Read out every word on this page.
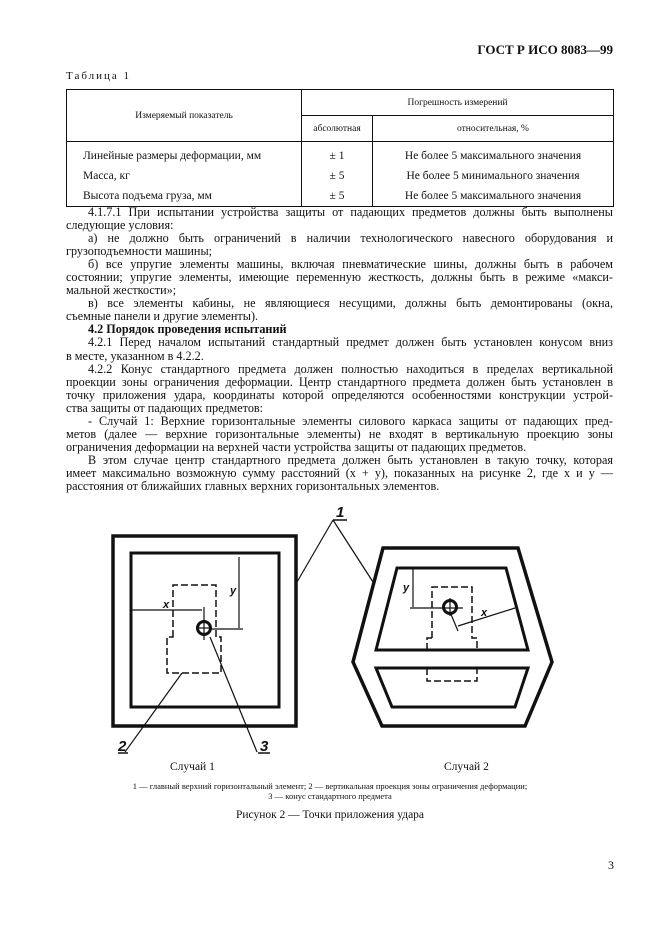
ГОСТ Р ИСО 8083—99
Таблица 1
Измеряемый показатель	Погрешность измерений	
	абсолютная	относительная, %
Линейные размеры деформации, мм	± 1	Не более 5 максимального значения
Масса, кг	± 5	Не более 5 минимального значения
Высота подъема груза, мм	± 5	Не более 5 максимального значения
4.1.7.1 При испытании устройства защиты от падающих предметов должны быть выполнены
следующие условия:
а) не должно быть ограничений в наличии технологического навесного оборудования и
грузоподъемности машины;
б) все упругие элементы машины, включая пневматические шины, должны быть в рабочем
состоянии; упругие элементы, имеющие переменную жесткость, должны быть в режиме «макси-
мальной жесткости»;
в) все элементы кабины, не являющиеся несущими, должны быть демонтированы (окна,
съемные панели и другие элементы).
4.2 Порядок проведения испытаний
4.2.1 Перед началом испытаний стандартный предмет должен быть установлен конусом вниз
в месте, указанном в 4.2.2.
4.2.2 Конус стандартного предмета должен полностью находиться в пределах вертикальной
проекции зоны ограничения деформации. Центр стандартного предмета должен быть установлен в
точку приложения удара, координаты которой определяются особенностями конструкции устрой-
ства защиты от падающих предметов:
- Случай 1: Верхние горизонтальные элементы силового каркаса защиты от падающих пред-
метов (далее — верхние горизонтальные элементы) не входят в вертикальную проекцию зоны
ограничения деформации на верхней части устройства защиты от падающих предметов.
В этом случае центр стандартного предмета должен быть установлен в такую точку, которая
имеет максимально возможную сумму расстояний (x + y), показанных на рисунке 2, где x и y —
расстояния от ближайших главных верхних горизонтальных элементов.
1
2	3
x
y
x
y
Случай 1	Случай 2
1 — главный верхний горизонтальный элемент; 2 — вертикальная проекция зоны ограничения деформации;
3 — конус стандартного предмета
Рисунок 2 — Точки приложения удара
3
